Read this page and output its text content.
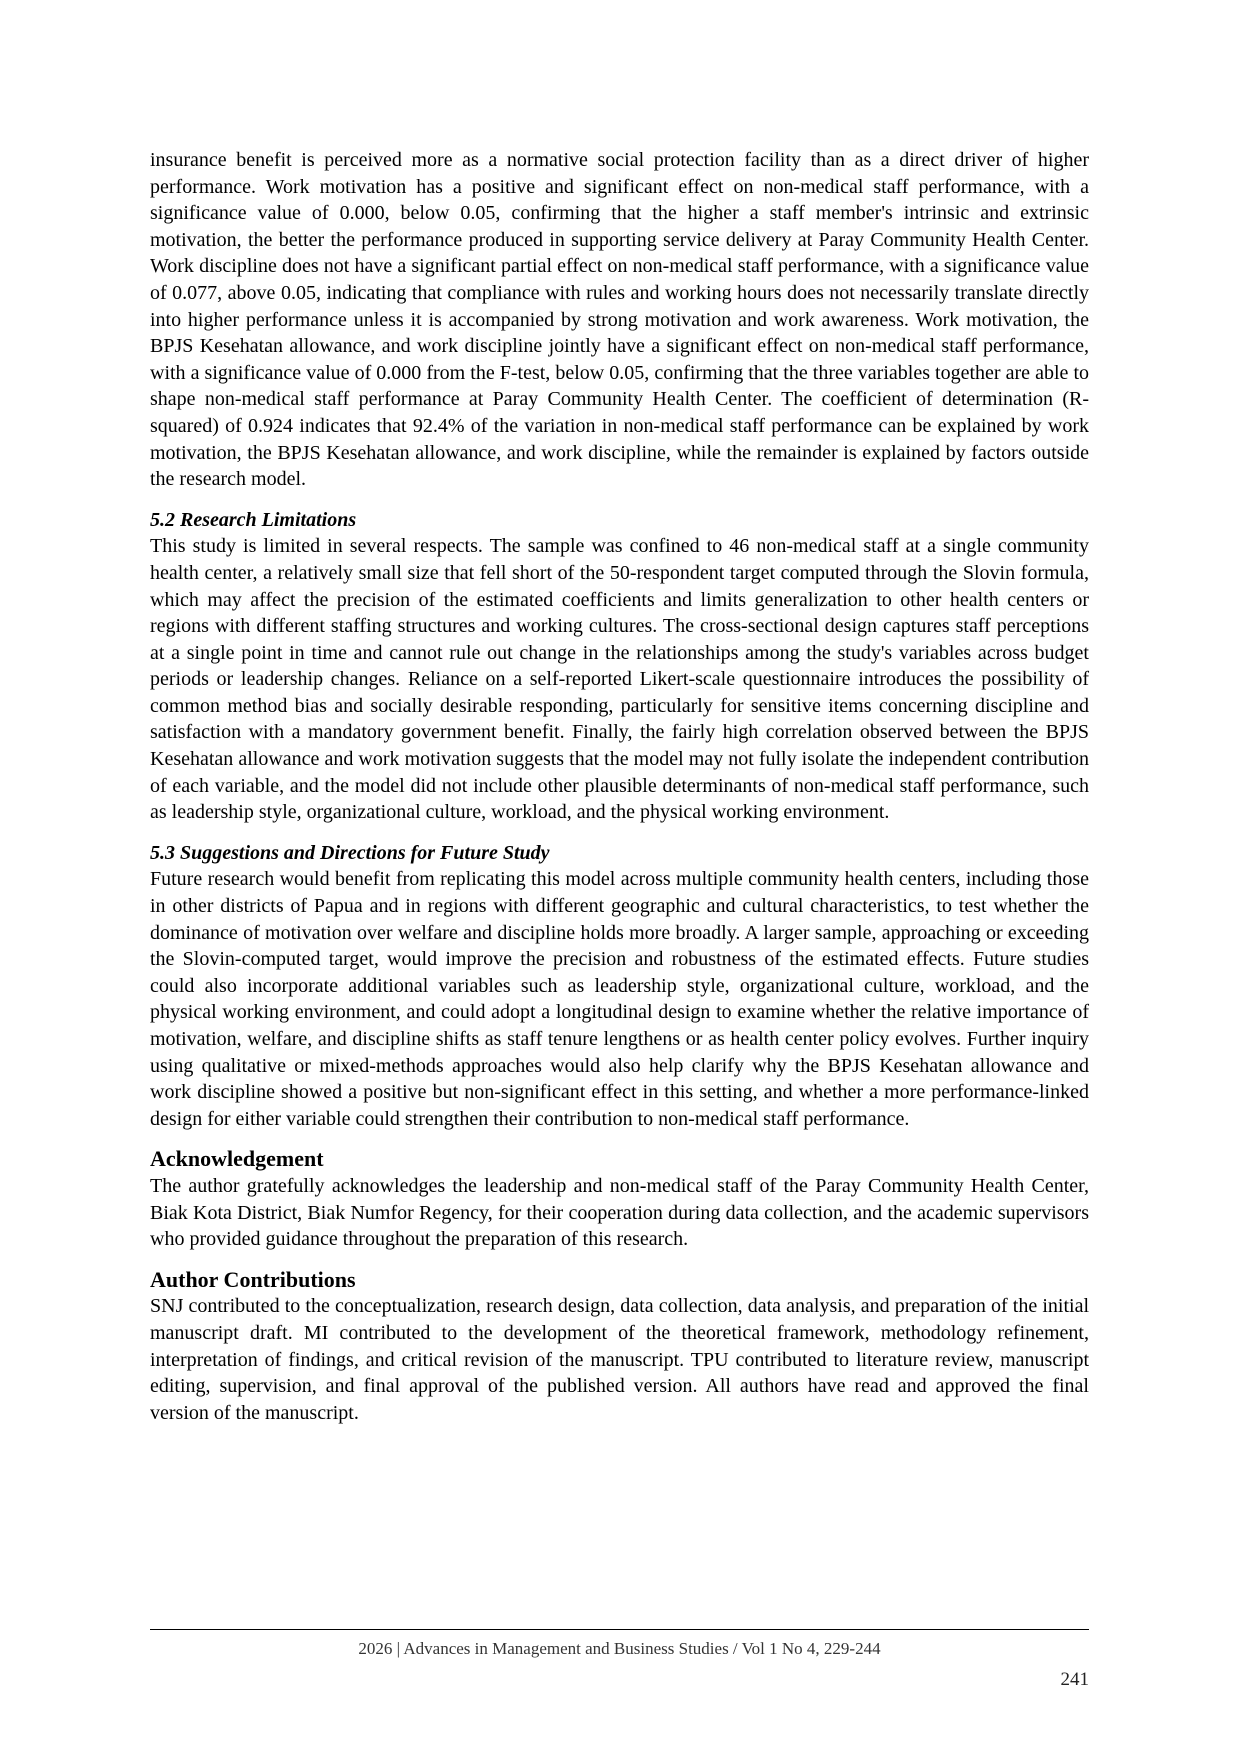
insurance benefit is perceived more as a normative social protection facility than as a direct driver of higher performance. Work motivation has a positive and significant effect on non-medical staff performance, with a significance value of 0.000, below 0.05, confirming that the higher a staff member's intrinsic and extrinsic motivation, the better the performance produced in supporting service delivery at Paray Community Health Center. Work discipline does not have a significant partial effect on non-medical staff performance, with a significance value of 0.077, above 0.05, indicating that compliance with rules and working hours does not necessarily translate directly into higher performance unless it is accompanied by strong motivation and work awareness. Work motivation, the BPJS Kesehatan allowance, and work discipline jointly have a significant effect on non-medical staff performance, with a significance value of 0.000 from the F-test, below 0.05, confirming that the three variables together are able to shape non-medical staff performance at Paray Community Health Center. The coefficient of determination (R-squared) of 0.924 indicates that 92.4% of the variation in non-medical staff performance can be explained by work motivation, the BPJS Kesehatan allowance, and work discipline, while the remainder is explained by factors outside the research model.

5.2 Research Limitations

This study is limited in several respects. The sample was confined to 46 non-medical staff at a single community health center, a relatively small size that fell short of the 50-respondent target computed through the Slovin formula, which may affect the precision of the estimated coefficients and limits generalization to other health centers or regions with different staffing structures and working cultures. The cross-sectional design captures staff perceptions at a single point in time and cannot rule out change in the relationships among the study's variables across budget periods or leadership changes. Reliance on a self-reported Likert-scale questionnaire introduces the possibility of common method bias and socially desirable responding, particularly for sensitive items concerning discipline and satisfaction with a mandatory government benefit. Finally, the fairly high correlation observed between the BPJS Kesehatan allowance and work motivation suggests that the model may not fully isolate the independent contribution of each variable, and the model did not include other plausible determinants of non-medical staff performance, such as leadership style, organizational culture, workload, and the physical working environment.

5.3 Suggestions and Directions for Future Study

Future research would benefit from replicating this model across multiple community health centers, including those in other districts of Papua and in regions with different geographic and cultural characteristics, to test whether the dominance of motivation over welfare and discipline holds more broadly. A larger sample, approaching or exceeding the Slovin-computed target, would improve the precision and robustness of the estimated effects. Future studies could also incorporate additional variables such as leadership style, organizational culture, workload, and the physical working environment, and could adopt a longitudinal design to examine whether the relative importance of motivation, welfare, and discipline shifts as staff tenure lengthens or as health center policy evolves. Further inquiry using qualitative or mixed-methods approaches would also help clarify why the BPJS Kesehatan allowance and work discipline showed a positive but non-significant effect in this setting, and whether a more performance-linked design for either variable could strengthen their contribution to non-medical staff performance.

Acknowledgement

The author gratefully acknowledges the leadership and non-medical staff of the Paray Community Health Center, Biak Kota District, Biak Numfor Regency, for their cooperation during data collection, and the academic supervisors who provided guidance throughout the preparation of this research.

Author Contributions

SNJ contributed to the conceptualization, research design, data collection, data analysis, and preparation of the initial manuscript draft. MI contributed to the development of the theoretical framework, methodology refinement, interpretation of findings, and critical revision of the manuscript. TPU contributed to literature review, manuscript editing, supervision, and final approval of the published version. All authors have read and approved the final version of the manuscript.

2026 | Advances in Management and Business Studies / Vol 1 No 4, 229-244
241
